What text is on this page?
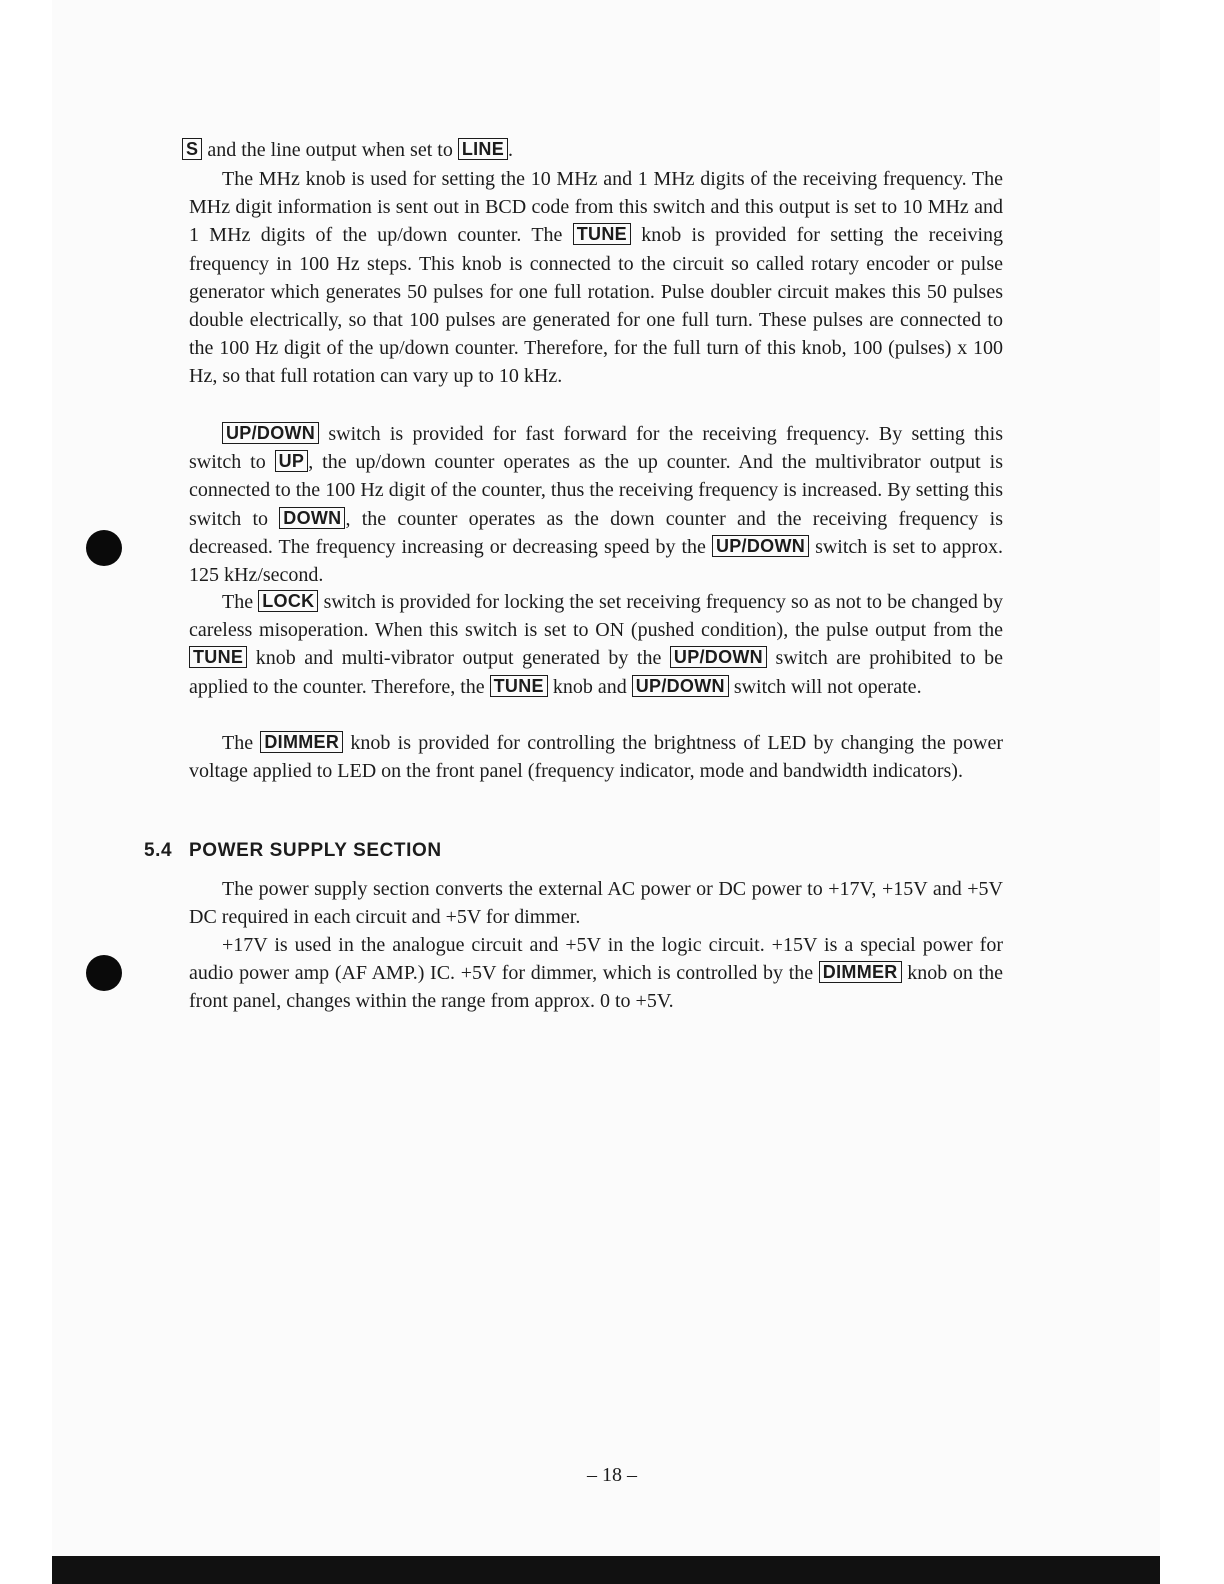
S and the line output when set to LINE .

The MHz knob is used for setting the 10 MHz and 1 MHz digits of the receiving frequency. The MHz digit information is sent out in BCD code from this switch and this output is set to 10 MHz and 1 MHz digits of the up/down counter. The TUNE knob is provided for setting the receiving frequency in 100 Hz steps. This knob is connected to the circuit so called rotary encoder or pulse generator which generates 50 pulses for one full rotation. Pulse doubler circuit makes this 50 pulses double electrically, so that 100 pulses are generated for one full turn. These pulses are connected to the 100 Hz digit of the up/down counter. Therefore, for the full turn of this knob, 100 (pulses) x 100 Hz, so that full rotation can vary up to 10 kHz.

UP/DOWN switch is provided for fast forward for the receiving frequency. By setting this switch to UP , the up/down counter operates as the up counter. And the multivibrator output is connected to the 100 Hz digit of the counter, thus the receiving frequency is increased. By setting this switch to DOWN , the counter operates as the down counter and the receiving frequency is decreased. The frequency increasing or decreasing speed by the UP/DOWN switch is set to approx. 125 kHz/second.

The LOCK switch is provided for locking the set receiving frequency so as not to be changed by careless misoperation. When this switch is set to ON (pushed condition), the pulse output from the TUNE knob and multi-vibrator output generated by the UP/DOWN switch are prohibited to be applied to the counter. Therefore, the TUNE knob and UP/DOWN switch will not operate.

The DIMMER knob is provided for controlling the brightness of LED by changing the power voltage applied to LED on the front panel (frequency indicator, mode and bandwidth indicators).

5.4 POWER SUPPLY SECTION

The power supply section converts the external AC power or DC power to +17V, +15V and +5V DC required in each circuit and +5V for dimmer.

+17V is used in the analogue circuit and +5V in the logic circuit. +15V is a special power for audio power amp (AF AMP.) IC. +5V for dimmer, which is controlled by the DIMMER knob on the front panel, changes within the range from approx. 0 to +5V.

– 18 –
